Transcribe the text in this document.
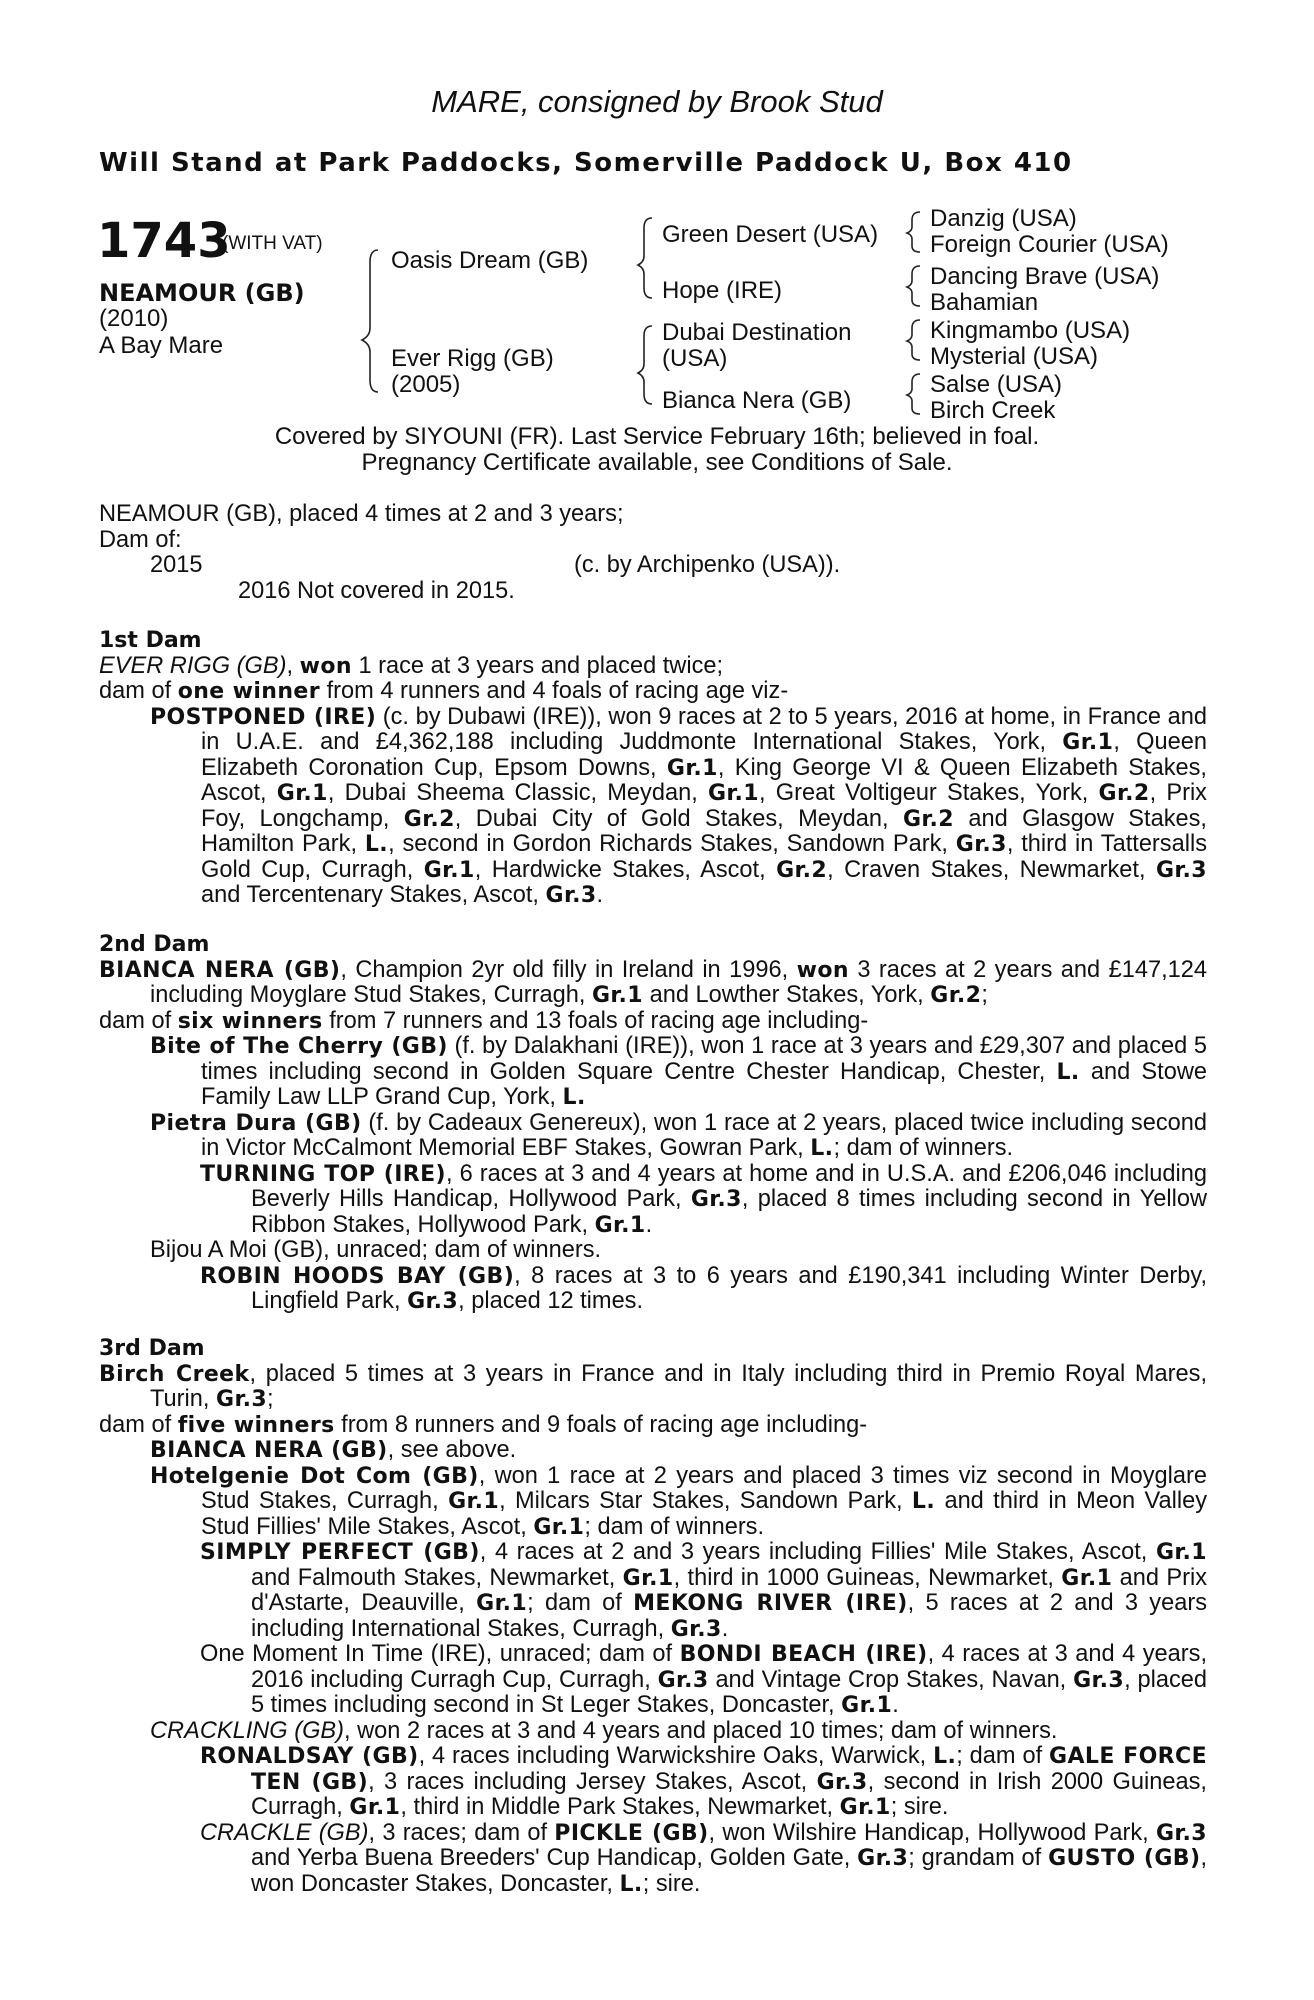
MARE, consigned by Brook Stud
Will Stand at Park Paddocks, Somerville Paddock U, Box 410
1743
(WITH VAT)
NEAMOUR (GB)
(2010)
A Bay Mare
Oasis Dream (GB)
Ever Rigg (GB)
(2005)
Green Desert (USA)
Hope (IRE)
Dubai Destination
(USA)
Bianca Nera (GB)
Danzig (USA)
Foreign Courier (USA)
Dancing Brave (USA)
Bahamian
Kingmambo (USA)
Mysterial (USA)
Salse (USA)
Birch Creek
Covered by SIYOUNI (FR). Last Service February 16th; believed in foal.
Pregnancy Certificate available, see Conditions of Sale.
NEAMOUR (GB), placed 4 times at 2 and 3 years;
Dam of:
2015	(c. by Archipenko (USA)).
2016 Not covered in 2015.
1st Dam
EVER RIGG (GB), won 1 race at 3 years and placed twice;
dam of one winner from 4 runners and 4 foals of racing age viz-
POSTPONED (IRE) (c. by Dubawi (IRE)), won 9 races at 2 to 5 years, 2016 at home, in France and in U.A.E. and £4,362,188 including Juddmonte International Stakes, York, Gr.1, Queen Elizabeth Coronation Cup, Epsom Downs, Gr.1, King George VI & Queen Elizabeth Stakes, Ascot, Gr.1, Dubai Sheema Classic, Meydan, Gr.1, Great Voltigeur Stakes, York, Gr.2, Prix Foy, Longchamp, Gr.2, Dubai City of Gold Stakes, Meydan, Gr.2 and Glasgow Stakes, Hamilton Park, L., second in Gordon Richards Stakes, Sandown Park, Gr.3, third in Tattersalls Gold Cup, Curragh, Gr.1, Hardwicke Stakes, Ascot, Gr.2, Craven Stakes, Newmarket, Gr.3 and Tercentenary Stakes, Ascot, Gr.3.
2nd Dam
BIANCA NERA (GB), Champion 2yr old filly in Ireland in 1996, won 3 races at 2 years and £147,124 including Moyglare Stud Stakes, Curragh, Gr.1 and Lowther Stakes, York, Gr.2;
dam of six winners from 7 runners and 13 foals of racing age including-
Bite of The Cherry (GB) (f. by Dalakhani (IRE)), won 1 race at 3 years and £29,307 and placed 5 times including second in Golden Square Centre Chester Handicap, Chester, L. and Stowe Family Law LLP Grand Cup, York, L.
Pietra Dura (GB) (f. by Cadeaux Genereux), won 1 race at 2 years, placed twice including second in Victor McCalmont Memorial EBF Stakes, Gowran Park, L.; dam of winners.
TURNING TOP (IRE), 6 races at 3 and 4 years at home and in U.S.A. and £206,046 including Beverly Hills Handicap, Hollywood Park, Gr.3, placed 8 times including second in Yellow Ribbon Stakes, Hollywood Park, Gr.1.
Bijou A Moi (GB), unraced; dam of winners.
ROBIN HOODS BAY (GB), 8 races at 3 to 6 years and £190,341 including Winter Derby, Lingfield Park, Gr.3, placed 12 times.
3rd Dam
Birch Creek, placed 5 times at 3 years in France and in Italy including third in Premio Royal Mares, Turin, Gr.3;
dam of five winners from 8 runners and 9 foals of racing age including-
BIANCA NERA (GB), see above.
Hotelgenie Dot Com (GB), won 1 race at 2 years and placed 3 times viz second in Moyglare Stud Stakes, Curragh, Gr.1, Milcars Star Stakes, Sandown Park, L. and third in Meon Valley Stud Fillies' Mile Stakes, Ascot, Gr.1; dam of winners.
SIMPLY PERFECT (GB), 4 races at 2 and 3 years including Fillies' Mile Stakes, Ascot, Gr.1 and Falmouth Stakes, Newmarket, Gr.1, third in 1000 Guineas, Newmarket, Gr.1 and Prix d'Astarte, Deauville, Gr.1; dam of MEKONG RIVER (IRE), 5 races at 2 and 3 years including International Stakes, Curragh, Gr.3.
One Moment In Time (IRE), unraced; dam of BONDI BEACH (IRE), 4 races at 3 and 4 years, 2016 including Curragh Cup, Curragh, Gr.3 and Vintage Crop Stakes, Navan, Gr.3, placed 5 times including second in St Leger Stakes, Doncaster, Gr.1.
CRACKLING (GB), won 2 races at 3 and 4 years and placed 10 times; dam of winners.
RONALDSAY (GB), 4 races including Warwickshire Oaks, Warwick, L.; dam of GALE FORCE TEN (GB), 3 races including Jersey Stakes, Ascot, Gr.3, second in Irish 2000 Guineas, Curragh, Gr.1, third in Middle Park Stakes, Newmarket, Gr.1; sire.
CRACKLE (GB), 3 races; dam of PICKLE (GB), won Wilshire Handicap, Hollywood Park, Gr.3 and Yerba Buena Breeders' Cup Handicap, Golden Gate, Gr.3; grandam of GUSTO (GB), won Doncaster Stakes, Doncaster, L.; sire.
